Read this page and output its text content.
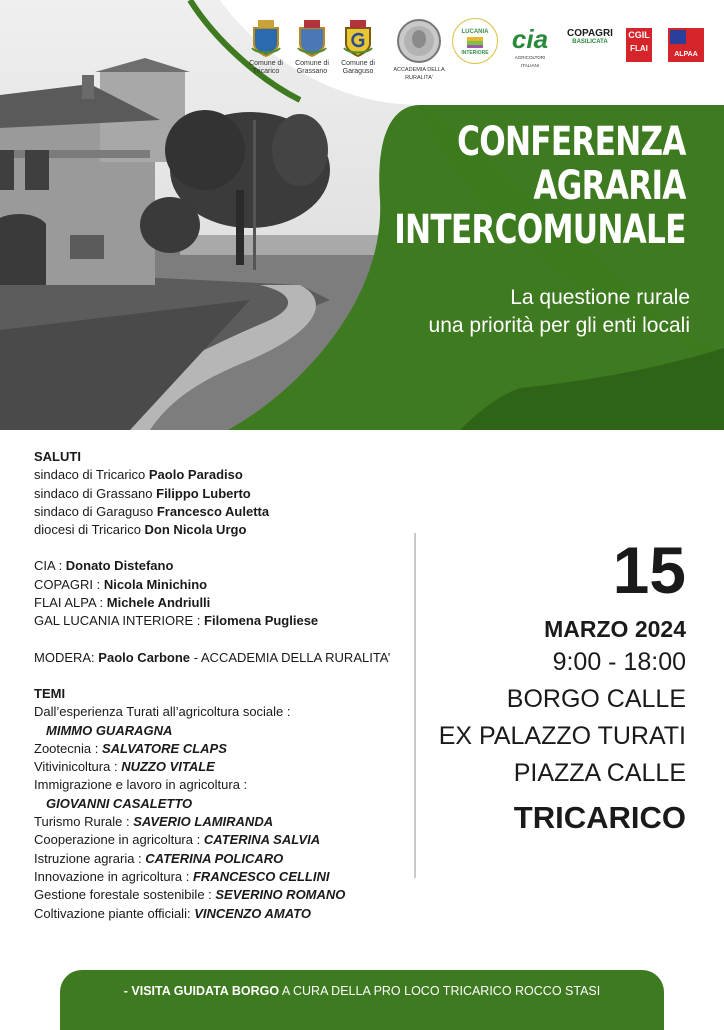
Comune di
Tricarico
Comune di
Grassano
Comune di
Garaguso	ACCADEMIA DELLA RURALITA'
LUCANIA
INTERIORE cia
AGRICOLTORI ITALIANI
COPAGRI
BASILICATA
CGIL
FLAI
ALPAA
CONFERENZA
AGRARIA
INTERCOMUNALE
La questione rurale
una priorità per gli enti locali
SALUTI
sindaco di Tricarico Paolo Paradiso
sindaco di Grassano Filippo Luberto
sindaco di Garaguso Francesco Auletta
diocesi di Tricarico Don Nicola Urgo
CIA : Donato Distefano
COPAGRI : Nicola Minichino
FLAI ALPA : Michele Andriulli
GAL LUCANIA INTERIORE : Filomena Pugliese
MODERA: Paolo Carbone - ACCADEMIA DELLA RURALITA’
TEMI
Dall’esperienza Turati all’agricoltura sociale :
MIMMO GUARAGNA
Zootecnia : SALVATORE CLAPS
Vitivinicoltura : NUZZO VITALE
Immigrazione e lavoro in agricoltura :
GIOVANNI CASALETTO
Turismo Rurale : SAVERIO LAMIRANDA
Cooperazione in agricoltura : CATERINA SALVIA
Istruzione agraria : CATERINA POLICARO
Innovazione in agricoltura : FRANCESCO CELLINI
Gestione forestale sostenibile : SEVERINO ROMANO
Coltivazione piante officiali: VINCENZO AMATO
15
MARZO 2024
9:00 - 18:00
BORGO CALLE
EX PALAZZO TURATI
PIAZZA CALLE
TRICARICO
- VISITA GUIDATA BORGO A CURA DELLA PRO LOCO TRICARICO ROCCO STASI
